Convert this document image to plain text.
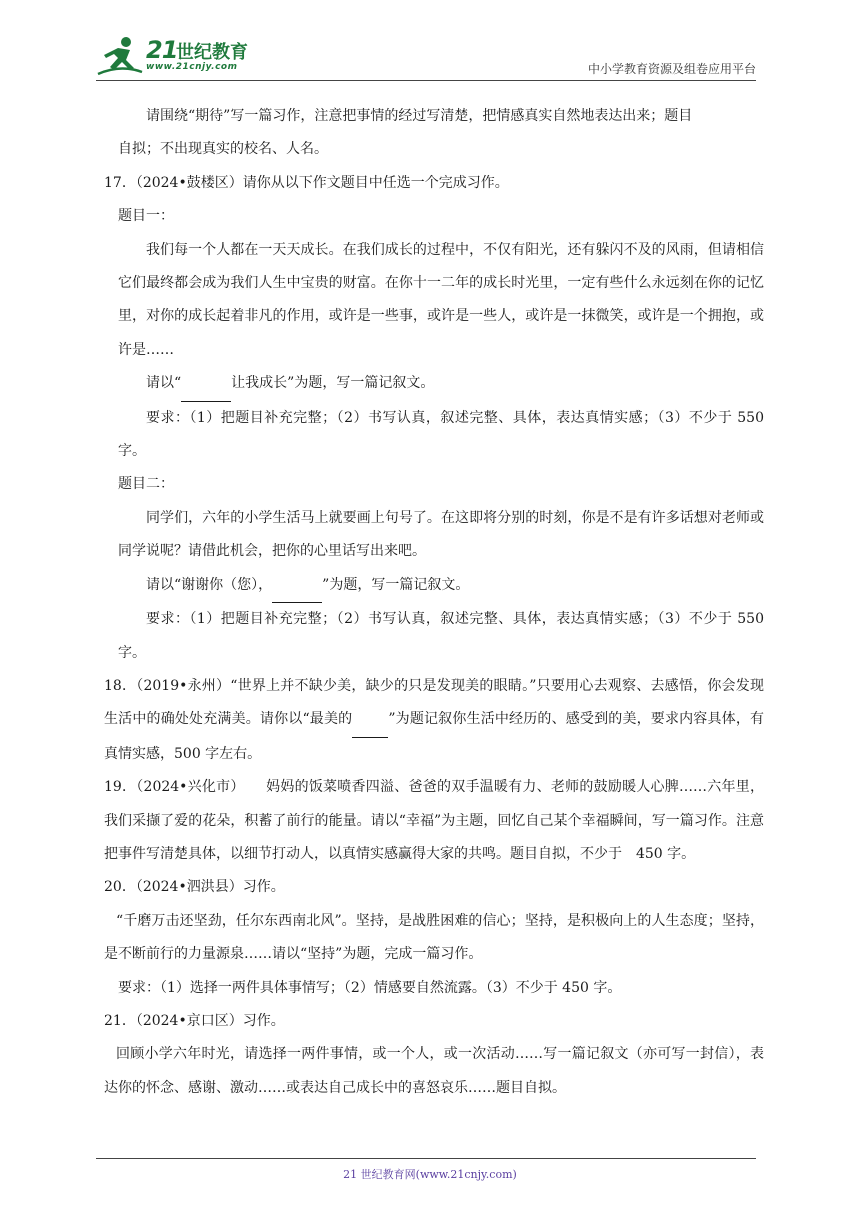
21
世纪教育
www.21cnjy.com	中小学教育资源及组卷应用平台

请围绕“期待”写一篇习作，注意把事情的经过写清楚，把情感真实自然地表达出来；题目

自拟；不出现真实的校名、人名。

17．（2024•鼓楼区）请你从以下作文题目中任选一个完成习作。

题目一：

我们每一个人都在一天天成长。在我们成长的过程中，不仅有阳光，还有躲闪不及的风雨，但请相信它们最终都会成为我们人生中宝贵的财富。在你十一二年的成长时光里，一定有些什么永远刻在你的记忆里，对你的成长起着非凡的作用，或许是一些事，或许是一些人，或许是一抹微笑，或许是一个拥抱，或许是……

请以“	让我成长”为题，写一篇记叙文。

要求：（1）把题目补充完整；（2）书写认真，叙述完整、具体，表达真情实感；（3）不少于 550 字。

题目二：

同学们，六年的小学生活马上就要画上句号了。在这即将分别的时刻，你是不是有许多话想对老师或同学说呢？请借此机会，把你的心里话写出来吧。

请以“谢谢你（您），	”为题，写一篇记叙文。

要求：（1）把题目补充完整；（2）书写认真，叙述完整、具体，表达真情实感；（3）不少于 550 字。

18．（2019•永州）“世界上并不缺少美，缺少的只是发现美的眼睛。”只要用心去观察、去感悟，你会发现生活中的确处处充满美。请你以“最美的	”为题记叙你生活中经历的、感受到的美，要求内容具体，有真情实感，500 字左右。

19．（2024•兴化市）　　妈妈的饭菜喷香四溢、爸爸的双手温暖有力、老师的鼓励暖人心脾……六年里，我们采撷了爱的花朵，积蓄了前行的能量。请以“幸福”为主题，回忆自己某个幸福瞬间，写一篇习作。注意把事件写清楚具体，以细节打动人，以真情实感赢得大家的共鸣。题目自拟，不少于　450 字。

20．（2024•泗洪县）习作。

“千磨万击还坚劲，任尔东西南北风”。坚持，是战胜困难的信心；坚持，是积极向上的人生态度；坚持，是不断前行的力量源泉……请以“坚持”为题，完成一篇习作。

要求：（1）选择一两件具体事情写；（2）情感要自然流露。（3）不少于 450 字。

21．（2024•京口区）习作。

回顾小学六年时光，请选择一两件事情，或一个人，或一次活动……写一篇记叙文（亦可写一封信），表达你的怀念、感谢、激动……或表达自己成长中的喜怒哀乐……题目自拟。

21 世纪教育网(www.21cnjy.com)
